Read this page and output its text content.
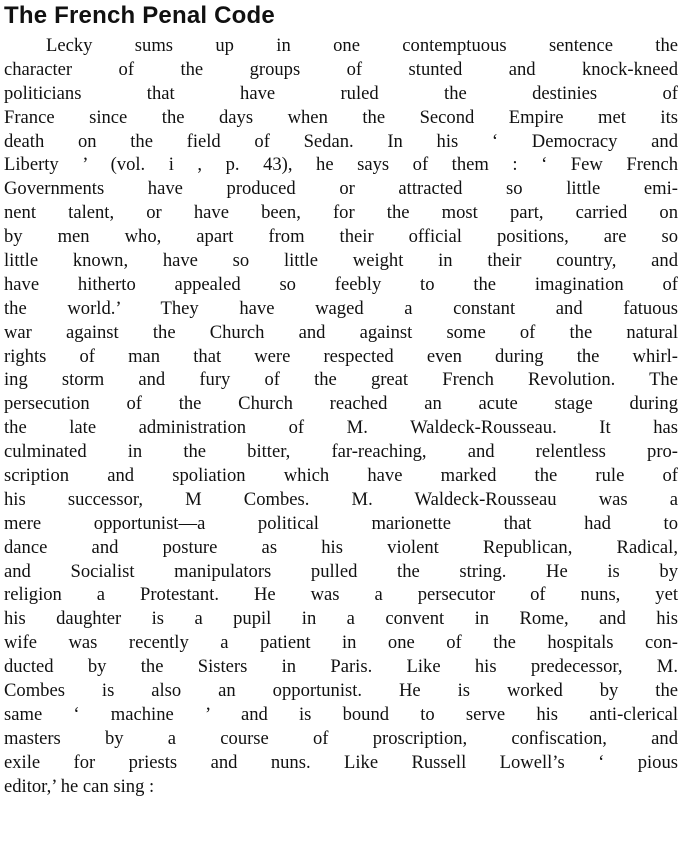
The French Penal Code
Lecky sums up in one contemptuous sentence the
character of the groups of stunted and knock-kneed
politicians that have ruled the destinies of
France since the days when the Second Empire met its
death on the field of Sedan. In his ‘ Democracy and
Liberty ’ (vol. i , p. 43), he says of them : ‘ Few French
Governments have produced or attracted so little emi-
nent talent, or have been, for the most part, carried on
by men who, apart from their official positions, are so
little known, have so little weight in their country, and
have hitherto appealed so feebly to the imagination of
the world.’ They have waged a constant and fatuous
war against the Church and against some of the natural
rights of man that were respected even during the whirl-
ing storm and fury of the great French Revolution. The
persecution of the Church reached an acute stage during
the late administration of M. Waldeck-Rousseau. It has
culminated in the bitter, far-reaching, and relentless pro-
scription and spoliation which have marked the rule of
his successor, M Combes. M. Waldeck-Rousseau was a
mere opportunist—a political marionette that had to
dance and posture as his violent Republican, Radical,
and Socialist manipulators pulled the string. He is by
religion a Protestant. He was a persecutor of nuns, yet
his daughter is a pupil in a convent in Rome, and his
wife was recently a patient in one of the hospitals con-
ducted by the Sisters in Paris. Like his predecessor, M.
Combes is also an opportunist. He is worked by the
same ‘ machine ’ and is bound to serve his anti-clerical
masters by a course of proscription, confiscation, and
exile for priests and nuns. Like Russell Lowell’s ‘ pious
editor,’ he can sing :
